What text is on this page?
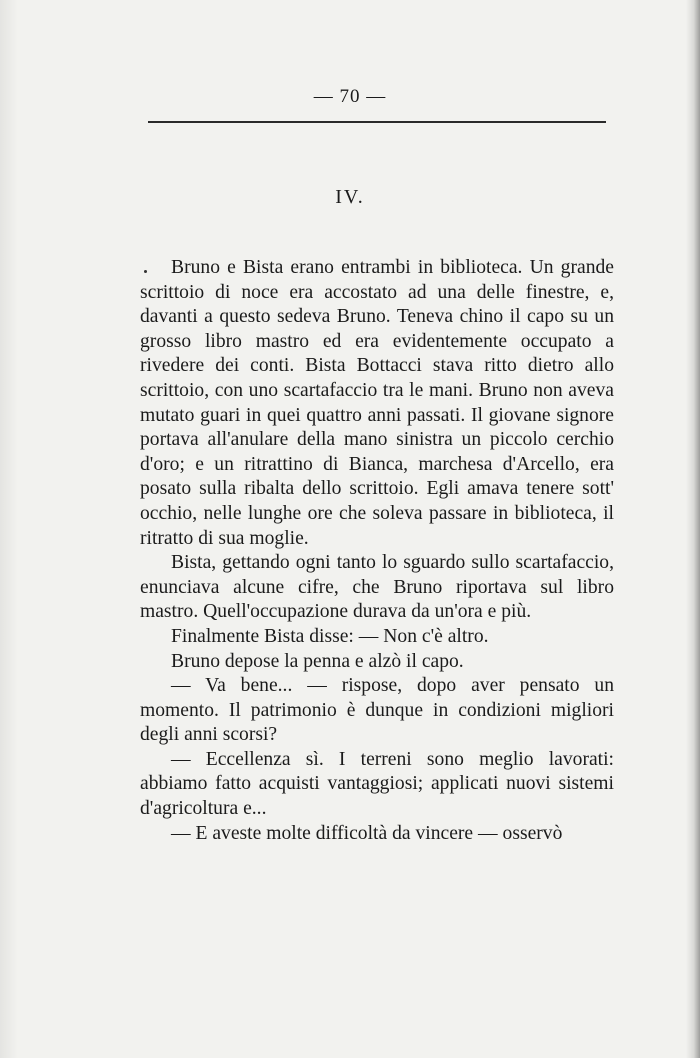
— 70 —
IV.

Bruno e Bista erano entrambi in biblioteca. Un grande scrittoio di noce era accostato ad una delle finestre, e, davanti a questo sedeva Bruno. Teneva chino il capo su un grosso libro mastro ed era evidentemente occupato a rivedere dei conti. Bista Bottacci stava ritto dietro allo scrittoio, con uno scartafaccio tra le mani. Bruno non aveva mutato guari in quei quattro anni passati. Il giovane signore portava all'anulare della mano sinistra un piccolo cerchio d'oro; e un ritrattino di Bianca, marchesa d'Arcello, era posato sulla ribalta dello scrittoio. Egli amava tenere sott' occhio, nelle lunghe ore che soleva passare in biblioteca, il ritratto di sua moglie.

Bista, gettando ogni tanto lo sguardo sullo scartafaccio, enunciava alcune cifre, che Bruno riportava sul libro mastro. Quell'occupazione durava da un'ora e più.

Finalmente Bista disse: — Non c'è altro.

Bruno depose la penna e alzò il capo.

— Va bene... — rispose, dopo aver pensato un momento. Il patrimonio è dunque in condizioni migliori degli anni scorsi?

— Eccellenza sì. I terreni sono meglio lavorati: abbiamo fatto acquisti vantaggiosi; applicati nuovi sistemi d'agricoltura e...

— E aveste molte difficoltà da vincere — osservò
